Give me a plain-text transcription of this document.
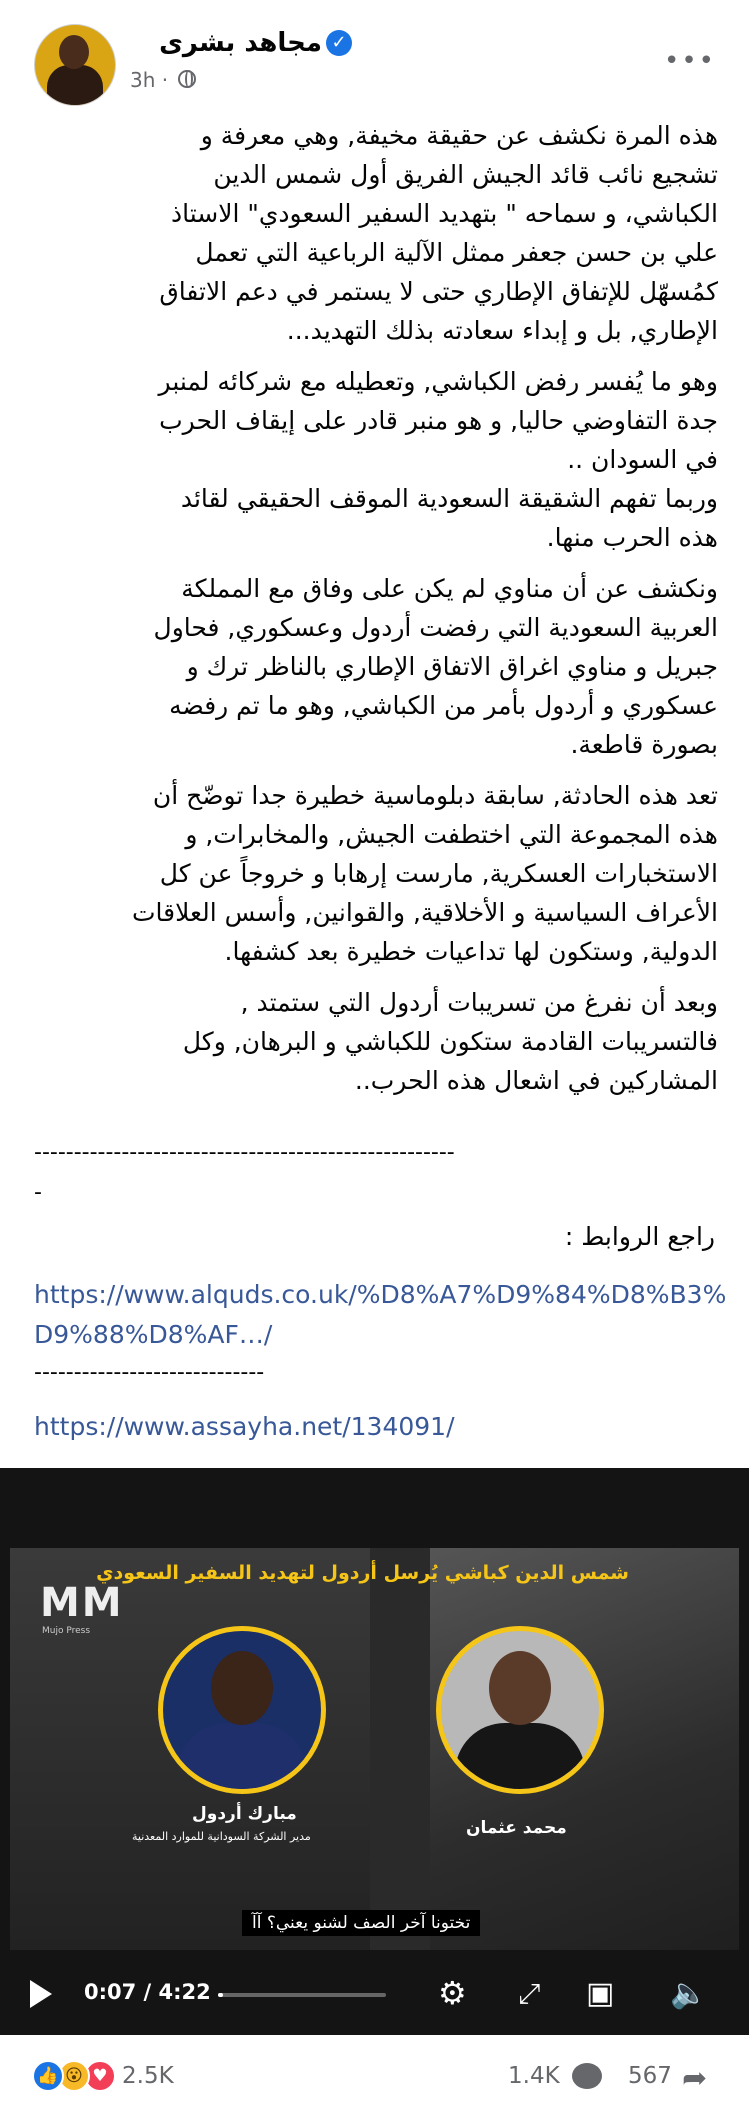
✓
مجاهد بشرى
3h ·
•••

هذه المرة نكشف عن حقيقة مخيفة, وهي معرفة و
تشجيع نائب قائد الجيش الفريق أول شمس الدين
الكباشي، و سماحه " بتهديد السفير السعودي" الاستاذ
علي بن حسن جعفر ممثل الآلية الرباعية التي تعمل
كمُسهّل للإتفاق الإطاري حتى لا يستمر في دعم الاتفاق
الإطاري, بل و إبداء سعادته بذلك التهديد...

وهو ما يُفسر رفض الكباشي, وتعطيله مع شركائه لمنبر
جدة التفاوضي حاليا, و هو منبر قادر على إيقاف الحرب
في السودان ..
وربما تفهم الشقيقة السعودية الموقف الحقيقي لقائد
هذه الحرب منها.

ونكشف عن أن مناوي لم يكن على وفاق مع المملكة
العربية السعودية التي رفضت أردول وعسكوري, فحاول
جبريل و مناوي اغراق الاتفاق الإطاري بالناظر ترك و
عسكوري و أردول بأمر من الكباشي, وهو ما تم رفضه
بصورة قاطعة.

تعد هذه الحادثة, سابقة دبلوماسية خطيرة جدا توضّح أن
هذه المجموعة التي اختطفت الجيش, والمخابرات, و
الاستخبارات العسكرية, مارست إرهابا و خروجاً عن كل
الأعراف السياسية و الأخلاقية, والقوانين, وأسس العلاقات
الدولية, وستكون لها تداعيات خطيرة بعد كشفها.

وبعد أن نفرغ من تسريبات أردول التي ستمتد ,
فالتسريبات القادمة ستكون للكباشي و البرهان, وكل
المشاركين في اشعال هذه الحرب..

-----------------------------------------------------
-
راجع الروابط :
https://www.alquds.co.uk/%D8%A7%D9%84%D8%B3%D9%88%D8%AF…/
-----------------------------
https://www.assayha.net/134091/
M M
Mujo Press
شمس الدين كباشي يُرسل أردول لتهديد السفير السعودي
مبارك أردول
مدير الشركة السودانية للموارد المعدنية	محمد عثمان
تختونا آخر الصف لشنو يعني؟ آآ
0:07 / 4:22	⚙ ⤢ ▣ 🔈
👍 😮 ♥ 2.5K	1.4K	567 ➦
